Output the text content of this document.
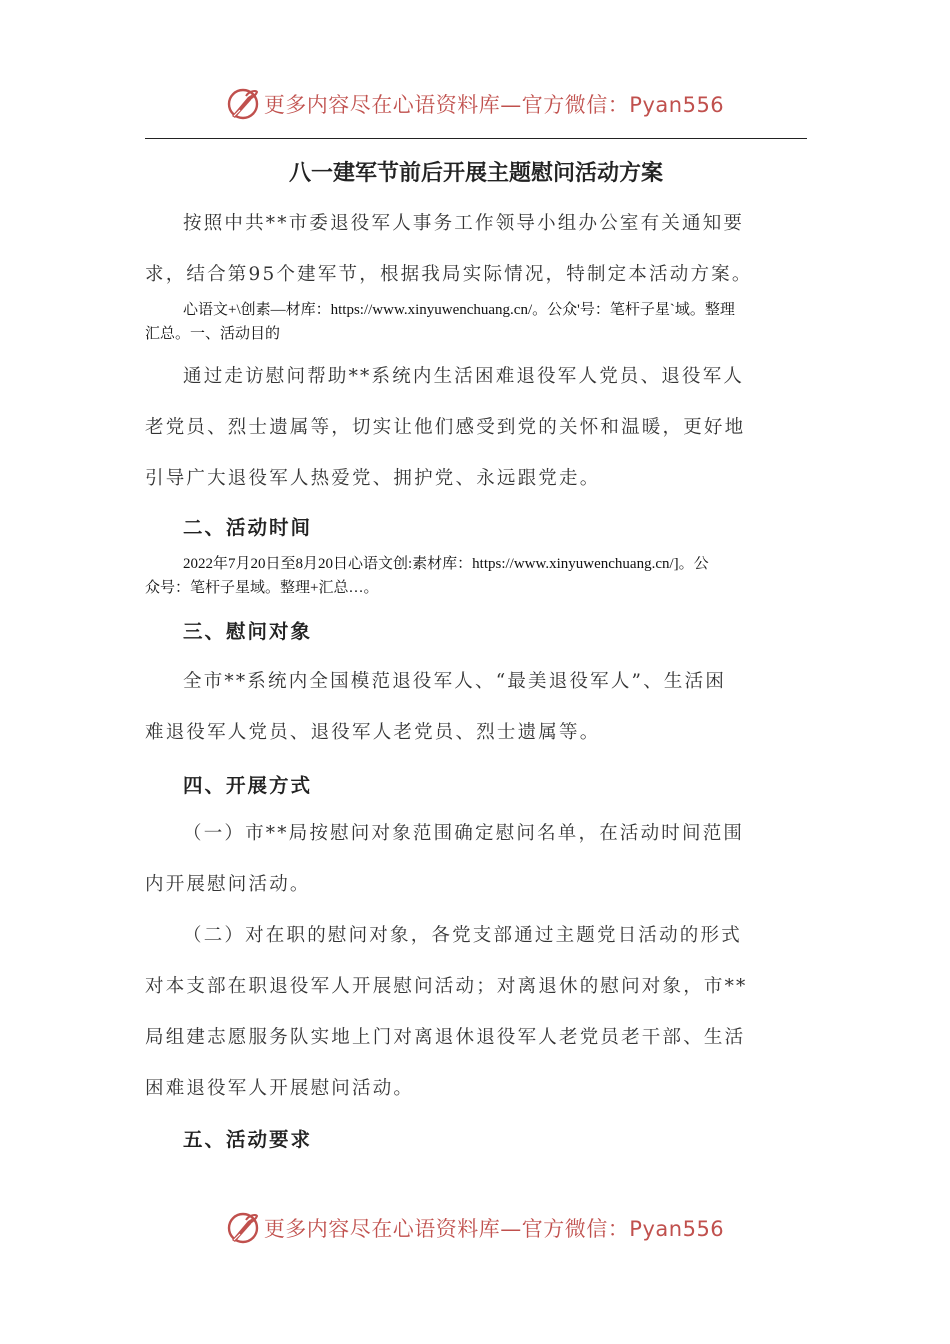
更多内容尽在心语资料库—官方微信：Pyan556
八一建军节前后开展主题慰问活动方案
按照中共**市委退役军人事务工作领导小组办公室有关通知要
求，结合第95个建军节，根据我局实际情况，特制定本活动方案。
心语文+\创素—材库：https://www.xinyuwenchuang.cn/。公众'号：笔杆子星`域。整理
汇总。一、活动目的
通过走访慰问帮助**系统内生活困难退役军人党员、退役军人
老党员、烈士遗属等，切实让他们感受到党的关怀和温暖，更好地
引导广大退役军人热爱党、拥护党、永远跟党走。
二、活动时间
2022年7月20日至8月20日心语文创:素材库：https://www.xinyuwenchuang.cn/]。公
众号：笔杆子星域。整理+汇总…。
三、慰问对象
全市**系统内全国模范退役军人、“最美退役军人”、生活困
难退役军人党员、退役军人老党员、烈士遗属等。
四、开展方式
（一）市**局按慰问对象范围确定慰问名单，在活动时间范围
内开展慰问活动。
（二）对在职的慰问对象，各党支部通过主题党日活动的形式
对本支部在职退役军人开展慰问活动；对离退休的慰问对象，市**
局组建志愿服务队实地上门对离退休退役军人老党员老干部、生活
困难退役军人开展慰问活动。
五、活动要求
更多内容尽在心语资料库—官方微信：Pyan556
